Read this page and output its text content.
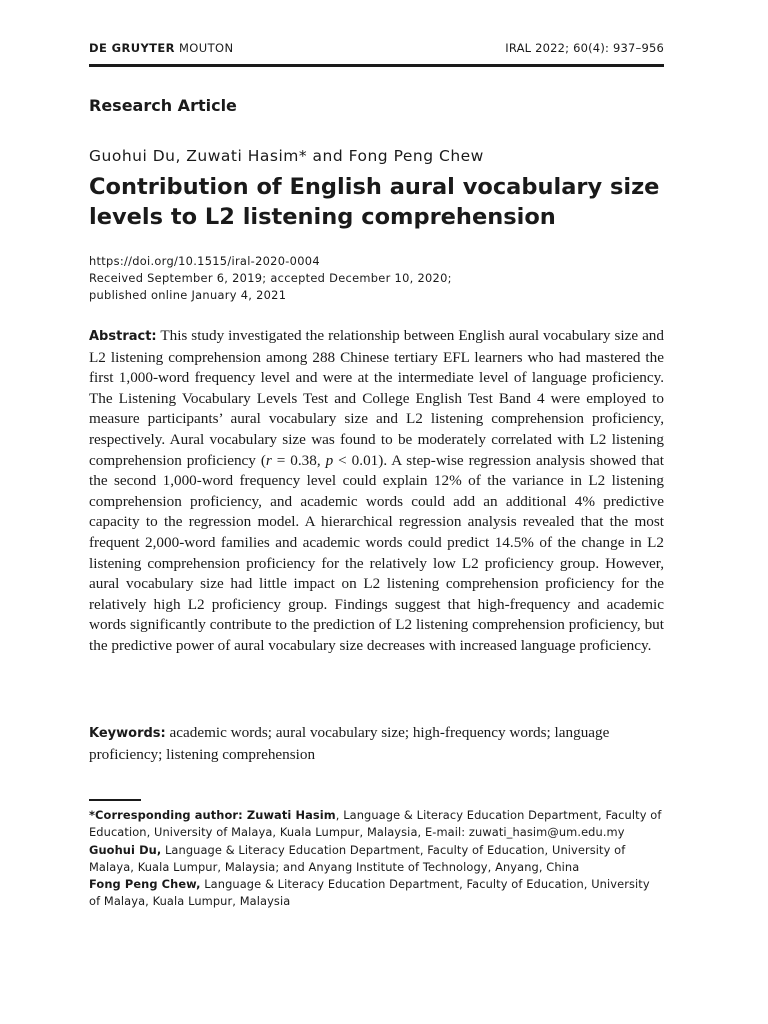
DE GRUYTER MOUTON	IRAL 2022; 60(4): 937–956
Research Article
Guohui Du, Zuwati Hasim* and Fong Peng Chew
Contribution of English aural vocabulary size levels to L2 listening comprehension
https://doi.org/10.1515/iral-2020-0004
Received September 6, 2019; accepted December 10, 2020;
published online January 4, 2021
Abstract: This study investigated the relationship between English aural vocabulary size and L2 listening comprehension among 288 Chinese tertiary EFL learners who had mastered the first 1,000-word frequency level and were at the intermediate level of language proficiency. The Listening Vocabulary Levels Test and College English Test Band 4 were employed to measure participants’ aural vocabulary size and L2 listening comprehension proficiency, respectively. Aural vocabulary size was found to be moderately correlated with L2 listening comprehension proficiency (r = 0.38, p < 0.01). A step-wise regression analysis showed that the second 1,000-word frequency level could explain 12% of the variance in L2 listening comprehension proficiency, and academic words could add an additional 4% predictive capacity to the regression model. A hierarchical regression analysis revealed that the most frequent 2,000-word families and academic words could predict 14.5% of the change in L2 listening comprehension proficiency for the relatively low L2 proficiency group. However, aural vocabulary size had little impact on L2 listening comprehension proficiency for the relatively high L2 proficiency group. Findings suggest that high-frequency and academic words significantly contribute to the prediction of L2 listening comprehension proficiency, but the predictive power of aural vocabulary size decreases with increased language proficiency.
Keywords: academic words; aural vocabulary size; high-frequency words; language proficiency; listening comprehension

*Corresponding author: Zuwati Hasim, Language & Literacy Education Department, Faculty of Education, University of Malaya, Kuala Lumpur, Malaysia, E-mail: zuwati_hasim@um.edu.my

Guohui Du, Language & Literacy Education Department, Faculty of Education, University of Malaya, Kuala Lumpur, Malaysia; and Anyang Institute of Technology, Anyang, China

Fong Peng Chew, Language & Literacy Education Department, Faculty of Education, University of Malaya, Kuala Lumpur, Malaysia
